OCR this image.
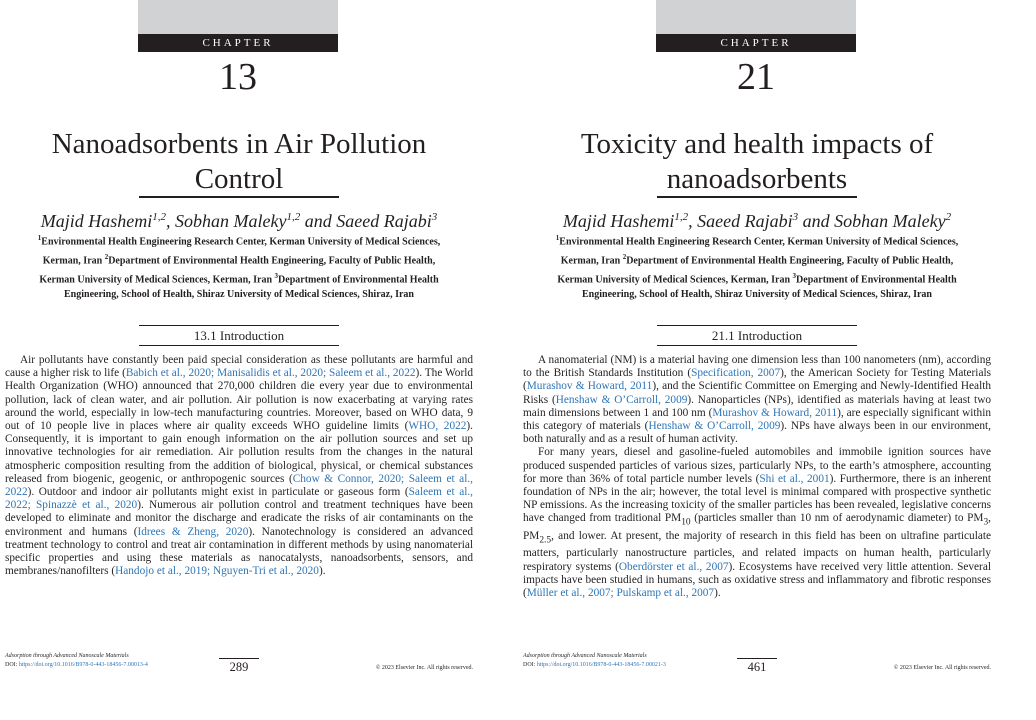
CHAPTER
13
Nanoadsorbents in Air Pollution Control
Majid Hashemi$^{1,2}$, Sobhan Maleky$^{1,2}$ and Saeed Rajabi$^3$
$^1$Environmental Health Engineering Research Center, Kerman University of Medical Sciences, Kerman, Iran $^2$Department of Environmental Health Engineering, Faculty of Public Health, Kerman University of Medical Sciences, Kerman, Iran $^3$Department of Environmental Health Engineering, School of Health, Shiraz University of Medical Sciences, Shiraz, Iran
13.1 Introduction

Air pollutants have constantly been paid special consideration as these pollutants are harmful and cause a higher risk to life (Babich et al., 2020; Manisalidis et al., 2020; Saleem et al., 2022). The World Health Organization (WHO) announced that 270,000 children die every year due to environmental pollution, lack of clean water, and air pollution. Air pollution is now exacerbating at varying rates around the world, especially in low-tech manufacturing countries. Moreover, based on WHO data, 9 out of 10 people live in places where air quality exceeds WHO guideline limits (WHO, 2022). Consequently, it is important to gain enough information on the air pollution sources and set up innovative technologies for air remediation. Air pollution results from the changes in the natural atmospheric composition resulting from the addition of biological, physical, or chemical substances released from biogenic, geogenic, or anthropogenic sources (Chow & Connor, 2020; Saleem et al., 2022). Outdoor and indoor air pollutants might exist in particulate or gaseous form (Saleem et al., 2022; Spinazzè et al., 2020). Numerous air pollution control and treatment techniques have been developed to eliminate and monitor the discharge and eradicate the risks of air contaminants on the environment and humans (Idrees & Zheng, 2020). Nanotechnology is considered an advanced treatment technology to control and treat air contamination in different methods by using nanomaterial specific properties and using these materials as nanocatalysts, nanoadsorbents, sensors, and membranes/nanofilters (Handojo et al., 2019; Nguyen-Tri et al., 2020).

Adsorption through Advanced Nanoscale Materials
DOI: https://doi.org/10.1016/B978-0-443-18456-7.00013-4	289	© 2023 Elsevier Inc. All rights reserved.
CHAPTER
21
Toxicity and health impacts of nanoadsorbents
Majid Hashemi$^{1,2}$, Saeed Rajabi$^3$ and Sobhan Maleky$^2$
$^1$Environmental Health Engineering Research Center, Kerman University of Medical Sciences, Kerman, Iran $^2$Department of Environmental Health Engineering, Faculty of Public Health, Kerman University of Medical Sciences, Kerman, Iran $^3$Department of Environmental Health Engineering, School of Health, Shiraz University of Medical Sciences, Shiraz, Iran
21.1 Introduction

A nanomaterial (NM) is a material having one dimension less than 100 nanometers (nm), according to the British Standards Institution (Specification, 2007), the American Society for Testing Materials (Murashov & Howard, 2011), and the Scientific Committee on Emerging and Newly-Identified Health Risks (Henshaw & O’Carroll, 2009). Nanoparticles (NPs), identified as materials having at least two main dimensions between 1 and 100 nm (Murashov & Howard, 2011), are especially significant within this category of materials (Henshaw & O’Carroll, 2009). NPs have always been in our environment, both naturally and as a result of human activity.

For many years, diesel and gasoline-fueled automobiles and immobile ignition sources have produced suspended particles of various sizes, particularly NPs, to the earth’s atmosphere, accounting for more than 36% of total particle number levels (Shi et al., 2001). Furthermore, there is an inherent foundation of NPs in the air; however, the total level is minimal compared with prospective synthetic NP emissions. As the increasing toxicity of the smaller particles has been revealed, legislative concerns have changed from traditional $PM_{10}$ (particles smaller than 10 nm of aerodynamic diameter) to $PM_3$, $PM_{2.5}$, and lower. At present, the majority of research in this field has been on ultrafine particulate matters, particularly nanostructure particles, and related impacts on human health, particularly respiratory systems (Oberdörster et al., 2007). Ecosystems have received very little attention. Several impacts have been studied in humans, such as oxidative stress and inflammatory and fibrotic responses (Müller et al., 2007; Pulskamp et al., 2007).

Adsorption through Advanced Nanoscale Materials
DOI: https://doi.org/10.1016/B978-0-443-18456-7.00021-3	461	© 2023 Elsevier Inc. All rights reserved.
